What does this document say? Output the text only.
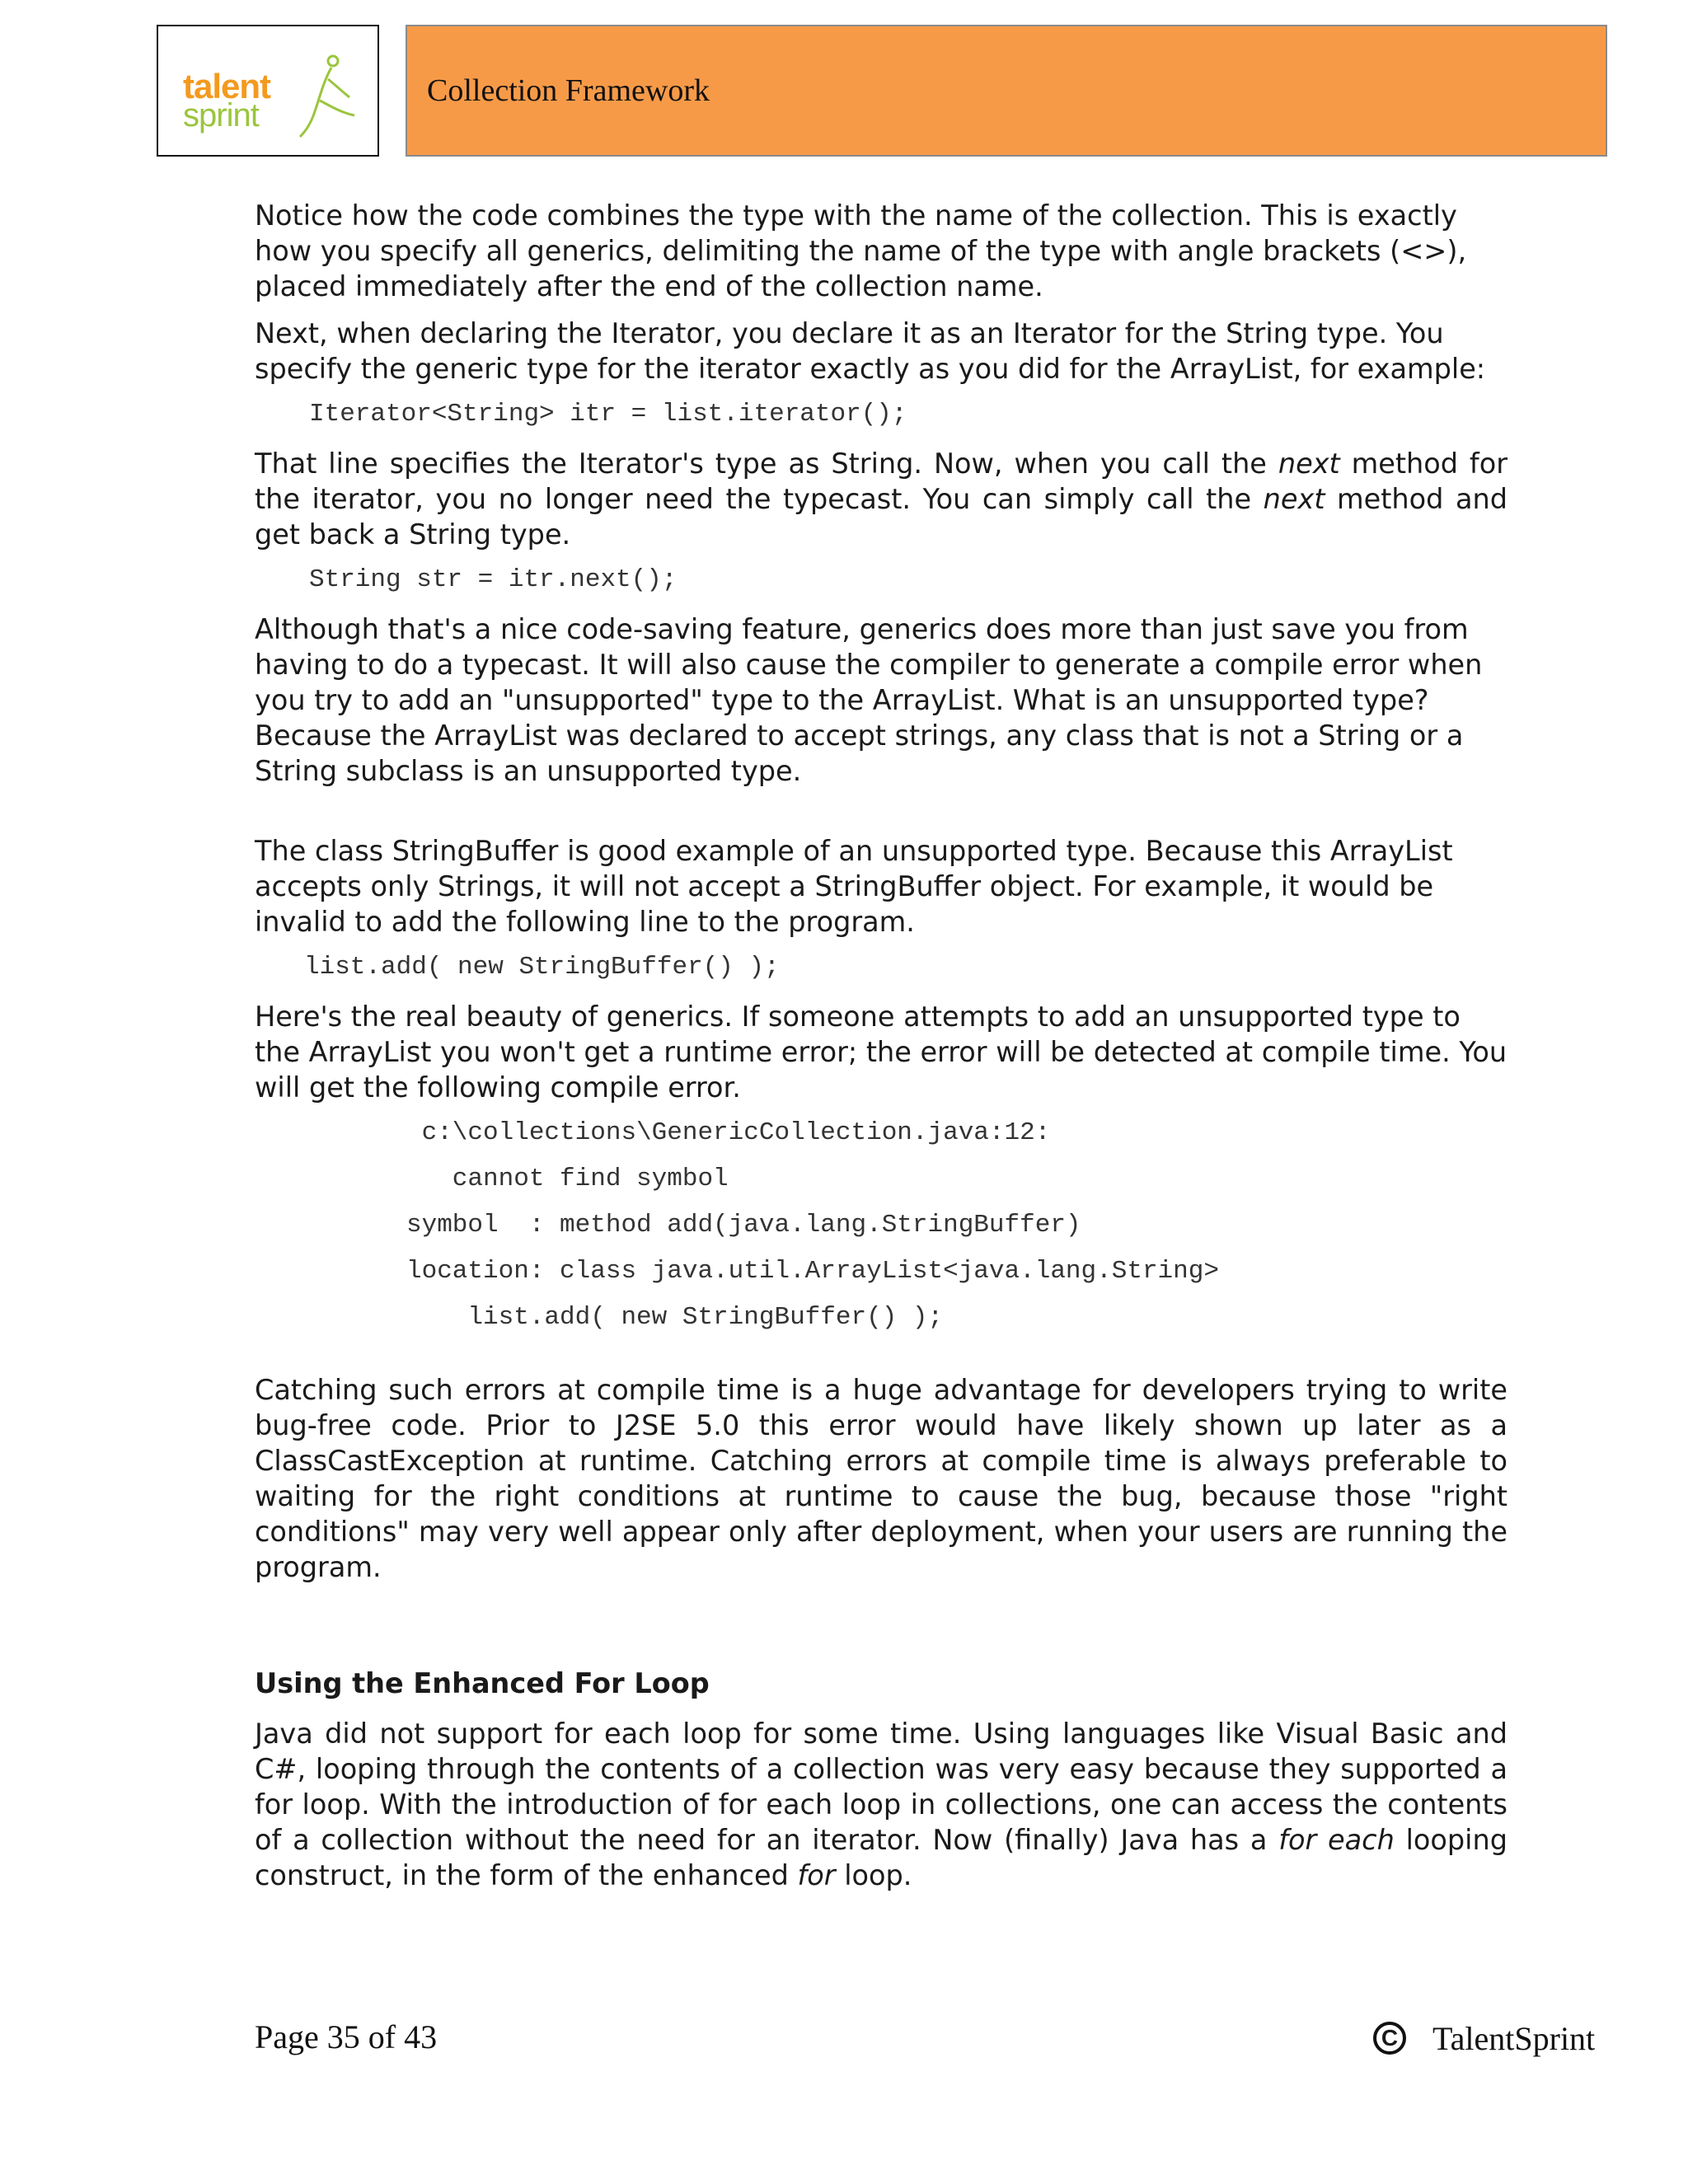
talent
sprint
Collection Framework

Notice how the code combines the type with the name of the collection. This is exactly how you specify all generics, delimiting the name of the type with angle brackets (<>), placed immediately after the end of the collection name.

Next, when declaring the Iterator, you declare it as an Iterator for the String type. You specify the generic type for the iterator exactly as you did for the ArrayList, for example:

Iterator<String> itr = list.iterator();

That line specifies the Iterator's type as String. Now, when you call the next method for the iterator, you no longer need the typecast. You can simply call the next method and get back a String type.

String str = itr.next();

Although that's a nice code-saving feature, generics does more than just save you from having to do a typecast. It will also cause the compiler to generate a compile error when you try to add an "unsupported" type to the ArrayList. What is an unsupported type? Because the ArrayList was declared to accept strings, any class that is not a String or a String subclass is an unsupported type.

The class StringBuffer is good example of an unsupported type. Because this ArrayList accepts only Strings, it will not accept a StringBuffer object. For example, it would be invalid to add the following line to the program.

list.add( new StringBuffer() );

Here's the real beauty of generics. If someone attempts to add an unsupported type to the ArrayList you won't get a runtime error; the error will be detected at compile time. You will get the following compile error.

c:\collections\GenericCollection.java:12:
cannot find symbol
symbol  : method add(java.lang.StringBuffer)
location: class java.util.ArrayList<java.lang.String>
list.add( new StringBuffer() );

Catching such errors at compile time is a huge advantage for developers trying to write bug-free code. Prior to J2SE 5.0 this error would have likely shown up later as a ClassCastException at runtime. Catching errors at compile time is always preferable to waiting for the right conditions at runtime to cause the bug, because those "right conditions" may very well appear only after deployment, when your users are running the program.

Using the Enhanced For Loop

Java did not support for each loop for some time. Using languages like Visual Basic and C#, looping through the contents of a collection was very easy because they supported a for loop. With the introduction of for each loop in collections, one can access the contents of a collection without the need for an iterator. Now (finally) Java has a for each looping construct, in the form of the enhanced for loop.

Page 35 of 43	C TalentSprint
